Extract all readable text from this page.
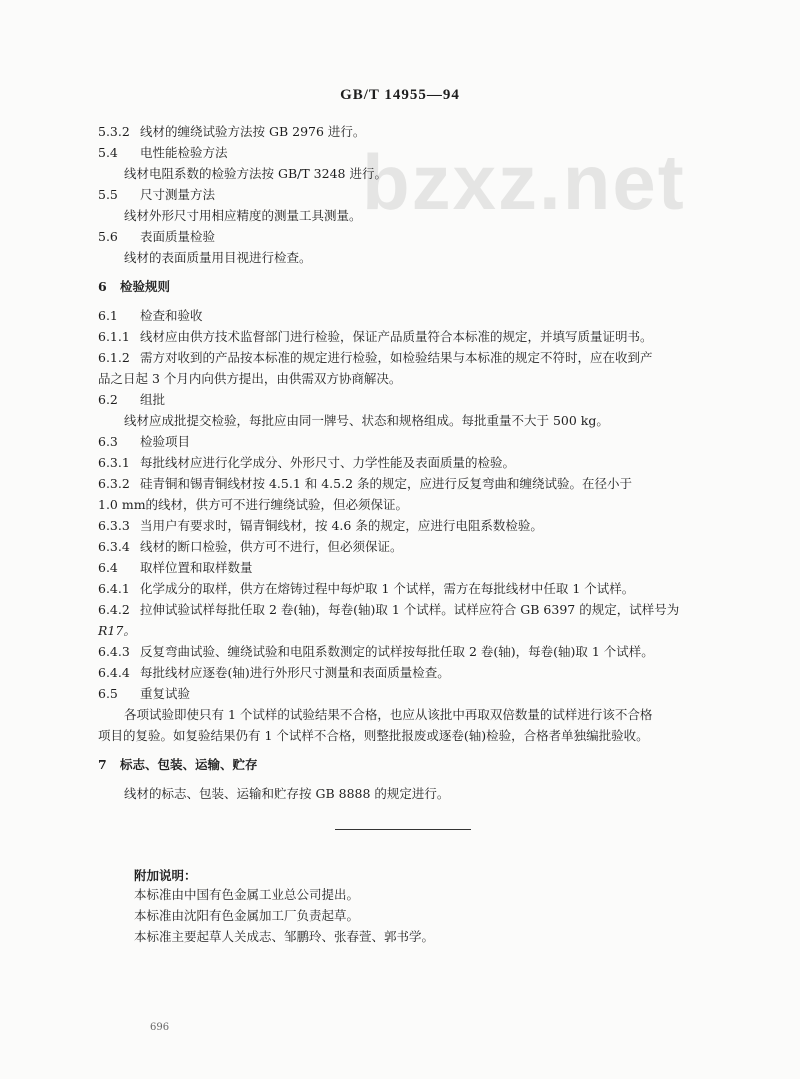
GB/T 14955—94
bzxz.net
5.3.2 线材的缠绕试验方法按 GB 2976 进行。
5.4 电性能检验方法
线材电阻系数的检验方法按 GB/T 3248 进行。
5.5 尺寸测量方法
线材外形尺寸用相应精度的测量工具测量。
5.6 表面质量检验
线材的表面质量用目视进行检查。
6 检验规则
6.1 检查和验收
6.1.1 线材应由供方技术监督部门进行检验，保证产品质量符合本标准的规定，并填写质量证明书。
6.1.2 需方对收到的产品按本标准的规定进行检验，如检验结果与本标准的规定不符时，应在收到产
品之日起 3 个月内向供方提出，由供需双方协商解决。
6.2 组批
线材应成批提交检验，每批应由同一牌号、状态和规格组成。每批重量不大于 500 kg。
6.3 检验项目
6.3.1 每批线材应进行化学成分、外形尺寸、力学性能及表面质量的检验。
6.3.2 硅青铜和锡青铜线材按 4.5.1 和 4.5.2 条的规定，应进行反复弯曲和缠绕试验。在径小于
1.0 mm的线材，供方可不进行缠绕试验，但必须保证。
6.3.3 当用户有要求时，镉青铜线材，按 4.6 条的规定，应进行电阻系数检验。
6.3.4 线材的断口检验，供方可不进行，但必须保证。
6.4 取样位置和取样数量
6.4.1 化学成分的取样，供方在熔铸过程中每炉取 1 个试样，需方在每批线材中任取 1 个试样。
6.4.2 拉伸试验试样每批任取 2 卷(轴)，每卷(轴)取 1 个试样。试样应符合 GB 6397 的规定，试样号为
R17。
6.4.3 反复弯曲试验、缠绕试验和电阻系数测定的试样按每批任取 2 卷(轴)，每卷(轴)取 1 个试样。
6.4.4 每批线材应逐卷(轴)进行外形尺寸测量和表面质量检查。
6.5 重复试验
各项试验即使只有 1 个试样的试验结果不合格，也应从该批中再取双倍数量的试样进行该不合格
项目的复验。如复验结果仍有 1 个试样不合格，则整批报废或逐卷(轴)检验，合格者单独编批验收。
7 标志、包装、运输、贮存
线材的标志、包装、运输和贮存按 GB 8888 的规定进行。
附加说明：
本标准由中国有色金属工业总公司提出。
本标准由沈阳有色金属加工厂负责起草。
本标准主要起草人关成志、邹鹏玲、张春萱、郭书学。
696
